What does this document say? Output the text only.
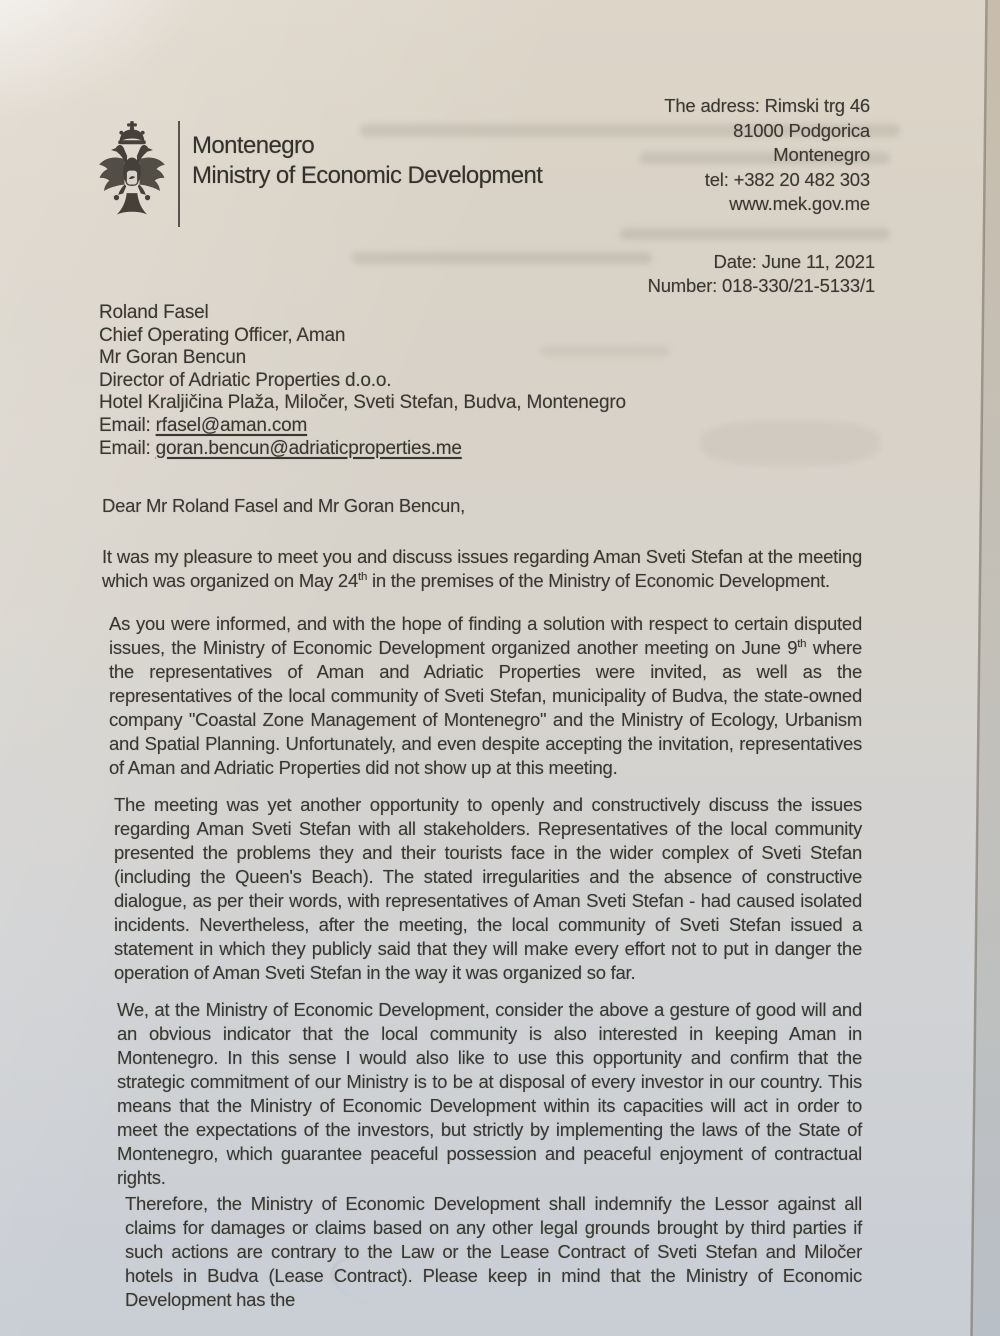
Montenegro
Ministry of Economic Development
The adress: Rimski trg 46
81000 Podgorica
Montenegro
tel: +382 20 482 303
www.mek.gov.me
Date: June 11, 2021
Number: 018-330/21-5133/1
Roland Fasel
Chief Operating Officer, Aman
Mr Goran Bencun
Director of Adriatic Properties d.o.o.
Hotel Kraljičina Plaža, Miločer, Sveti Stefan, Budva, Montenegro
Email: rfasel@aman.com
Email: goran.bencun@adriaticproperties.me

Dear Mr Roland Fasel and Mr Goran Bencun,

It was my pleasure to meet you and discuss issues regarding Aman Sveti Stefan at the meeting which was organized on May 24th in the premises of the Ministry of Economic Development.

As you were informed, and with the hope of finding a solution with respect to certain disputed issues, the Ministry of Economic Development organized another meeting on June 9th where the representatives of Aman and Adriatic Properties were invited, as well as the representatives of the local community of Sveti Stefan, municipality of Budva, the state-owned company "Coastal Zone Management of Montenegro" and the Ministry of Ecology, Urbanism and Spatial Planning. Unfortunately, and even despite accepting the invitation, representatives of Aman and Adriatic Properties did not show up at this meeting.

The meeting was yet another opportunity to openly and constructively discuss the issues regarding Aman Sveti Stefan with all stakeholders. Representatives of the local community presented the problems they and their tourists face in the wider complex of Sveti Stefan (including the Queen's Beach). The stated irregularities and the absence of constructive dialogue, as per their words, with representatives of Aman Sveti Stefan - had caused isolated incidents. Nevertheless, after the meeting, the local community of Sveti Stefan issued a statement in which they publicly said that they will make every effort not to put in danger the operation of Aman Sveti Stefan in the way it was organized so far.

We, at the Ministry of Economic Development, consider the above a gesture of good will and an obvious indicator that the local community is also interested in keeping Aman in Montenegro. In this sense I would also like to use this opportunity and confirm that the strategic commitment of our Ministry is to be at disposal of every investor in our country. This means that the Ministry of Economic Development within its capacities will act in order to meet the expectations of the investors, but strictly by implementing the laws of the State of Montenegro, which guarantee peaceful possession and peaceful enjoyment of contractual rights.

Therefore, the Ministry of Economic Development shall indemnify the Lessor against all claims for damages or claims based on any other legal grounds brought by third parties if such actions are contrary to the Law or the Lease Contract of Sveti Stefan and Miločer hotels in Budva (Lease Contract). Please keep in mind that the Ministry of Economic Development has the
